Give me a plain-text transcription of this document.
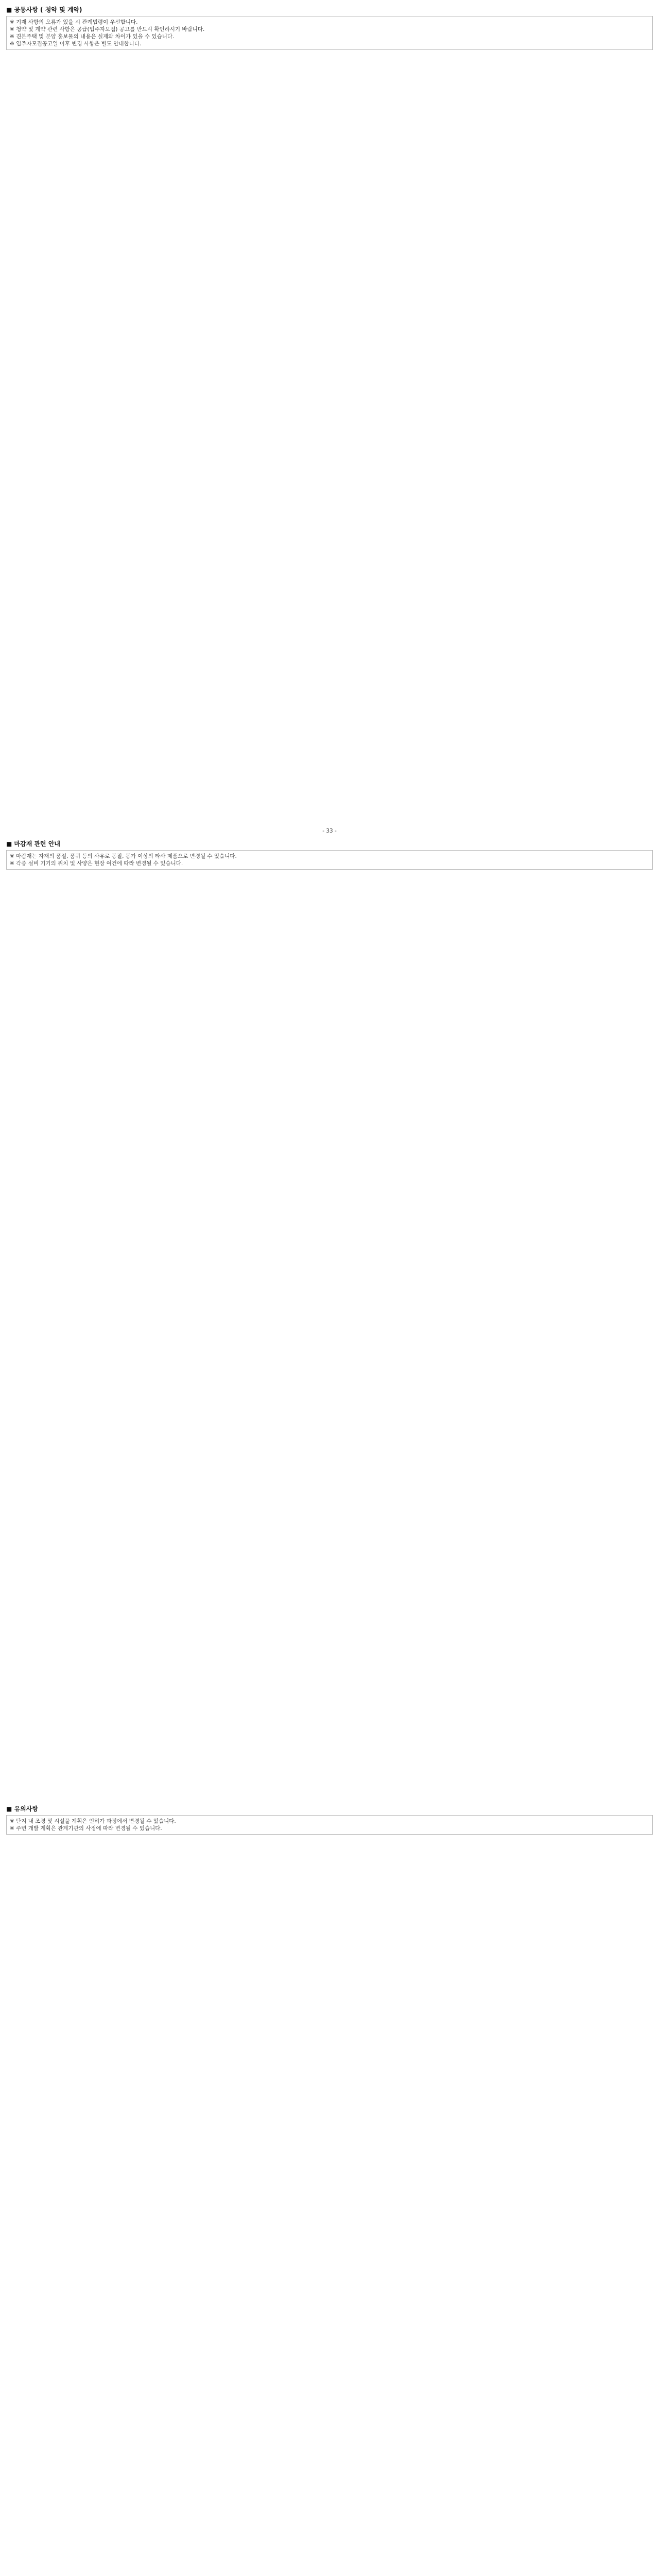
■ 공통사항 ( 청약 및 계약)
※ 기재 사항의 오류가 있을 시 관계법령이 우선합니다.
※ 청약 및 계약 관련 사항은 공급(입주자모집) 공고를 반드시 확인하시기 바랍니다.
※ 견본주택 및 분양 홍보물의 내용은 실제와 차이가 있을 수 있습니다.
※ 입주자모집공고일 이후 변경 사항은 별도 안내합니다.
- 33 -
■ 마감재 관련 안내
※ 마감재는 자재의 품절, 품귀 등의 사유로 동질, 동가 이상의 타사 제품으로 변경될 수 있습니다.
※ 각종 설비 기기의 위치 및 사양은 현장 여건에 따라 변경될 수 있습니다.
■ 유의사항
※ 단지 내 조경 및 시설물 계획은 인허가 과정에서 변경될 수 있습니다.
※ 주변 개발 계획은 관계기관의 사정에 따라 변경될 수 있습니다.
